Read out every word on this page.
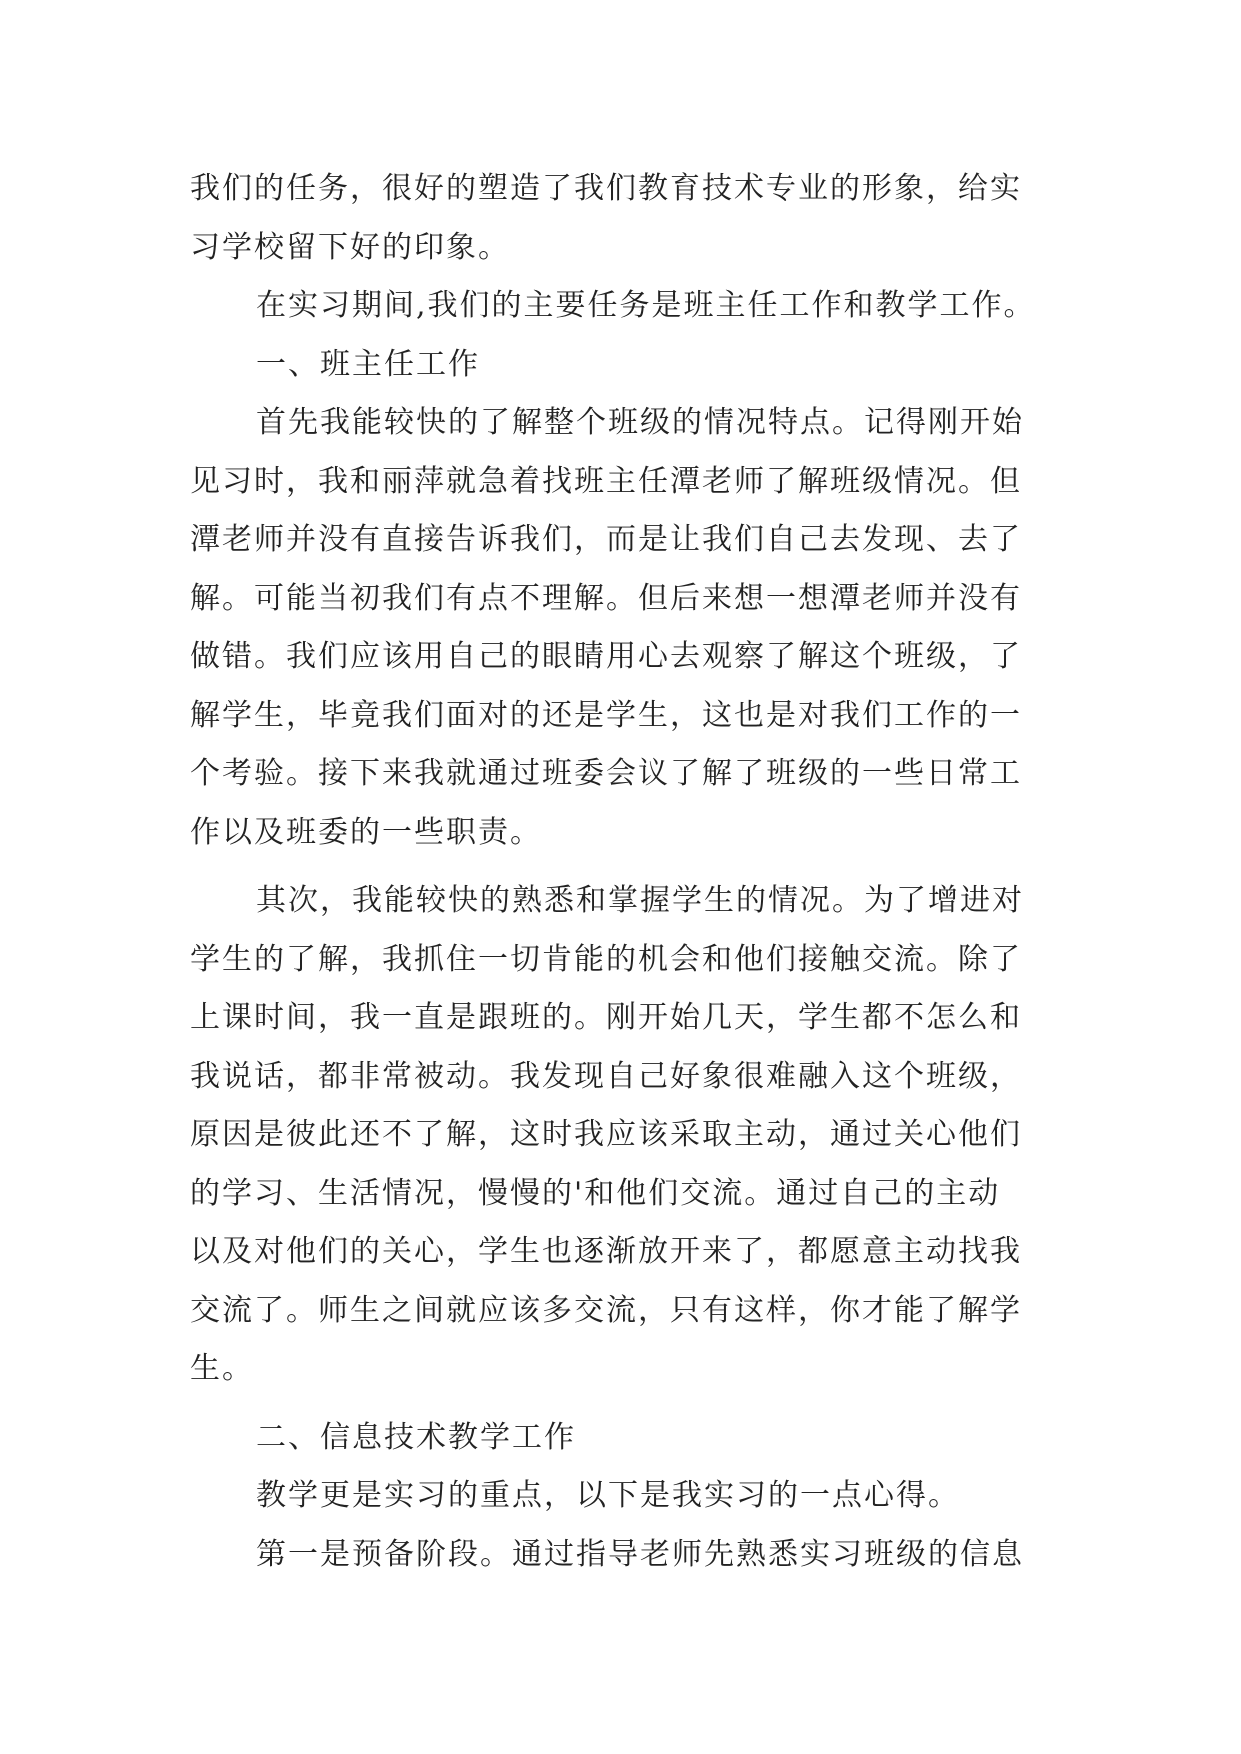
我们的任务，很好的塑造了我们教育技术专业的形象，给实
习学校留下好的印象。
在实习期间,我们的主要任务是班主任工作和教学工作。
一、班主任工作
首先我能较快的了解整个班级的情况特点。记得刚开始
见习时，我和丽萍就急着找班主任潭老师了解班级情况。但
潭老师并没有直接告诉我们，而是让我们自己去发现、去了
解。可能当初我们有点不理解。但后来想一想潭老师并没有
做错。我们应该用自己的眼睛用心去观察了解这个班级，了
解学生，毕竟我们面对的还是学生，这也是对我们工作的一
个考验。接下来我就通过班委会议了解了班级的一些日常工
作以及班委的一些职责。
其次，我能较快的熟悉和掌握学生的情况。为了增进对
学生的了解，我抓住一切肯能的机会和他们接触交流。除了
上课时间，我一直是跟班的。刚开始几天，学生都不怎么和
我说话，都非常被动。我发现自己好象很难融入这个班级，
原因是彼此还不了解，这时我应该采取主动，通过关心他们
的学习、生活情况，慢慢的'和他们交流。通过自己的主动
以及对他们的关心，学生也逐渐放开来了，都愿意主动找我
交流了。师生之间就应该多交流，只有这样，你才能了解学
生。
二、信息技术教学工作
教学更是实习的重点，以下是我实习的一点心得。
第一是预备阶段。通过指导老师先熟悉实习班级的信息
